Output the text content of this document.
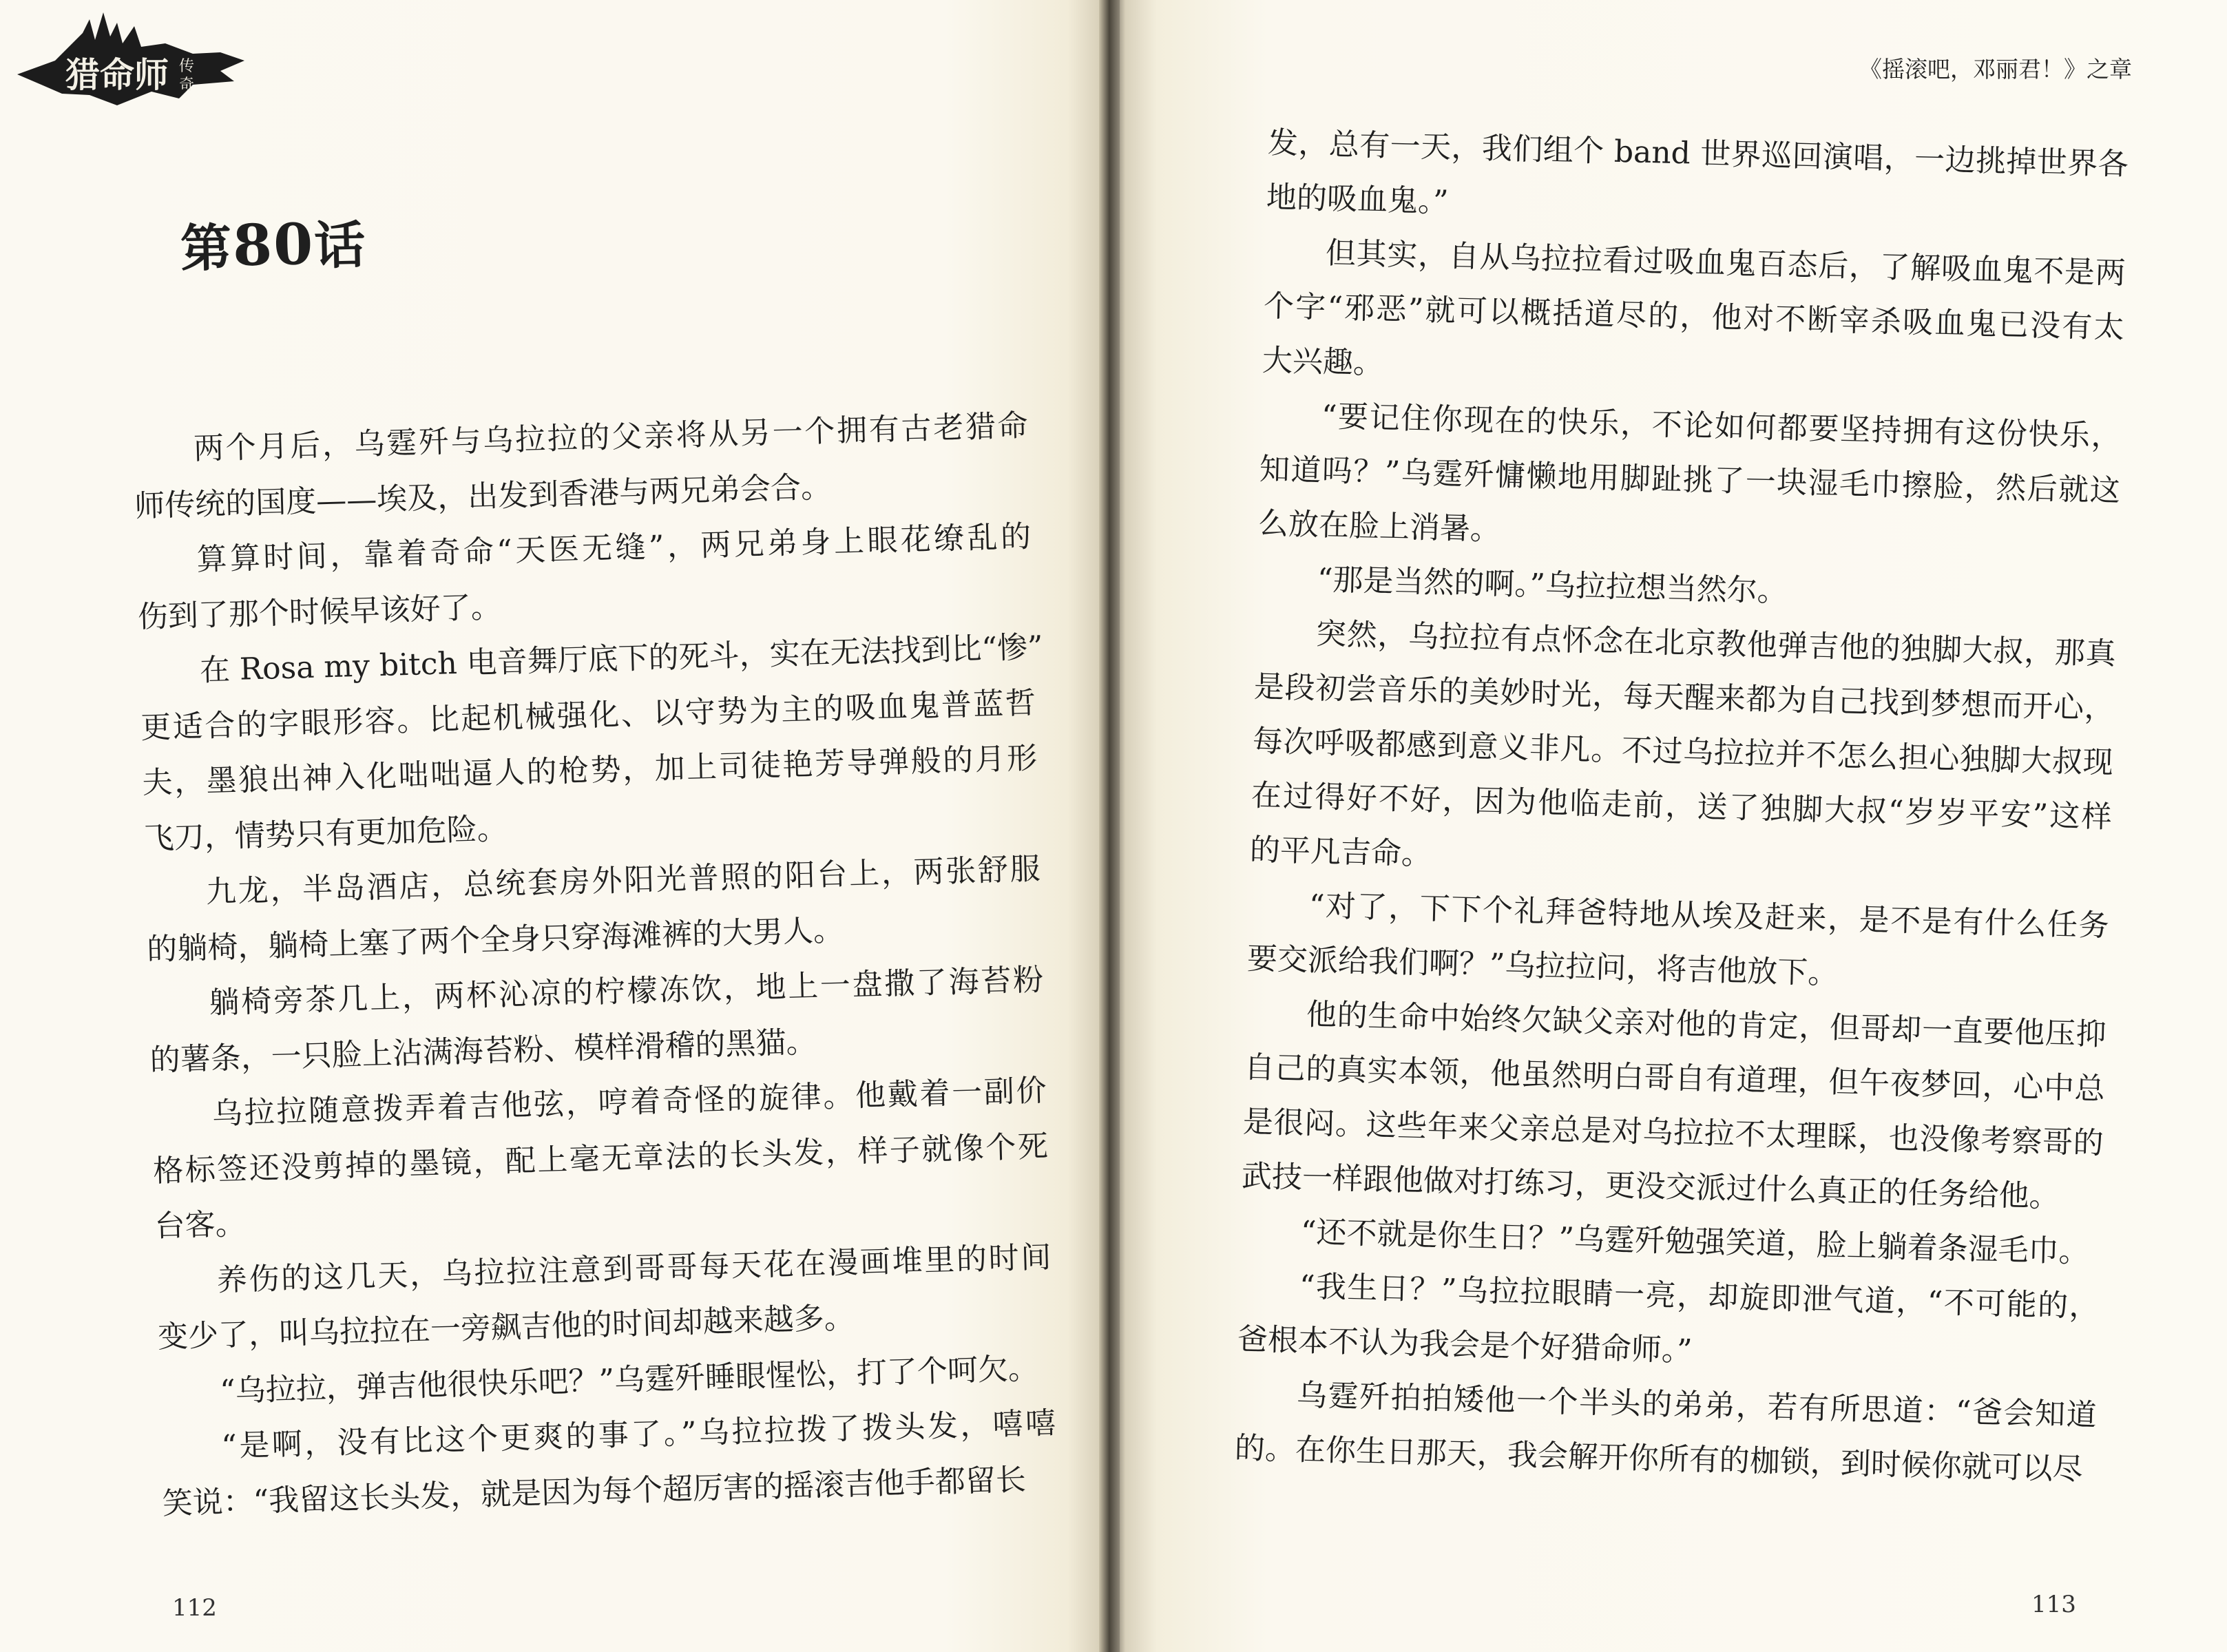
猎命师 传
奇
第80话
两个月后，乌霆歼与乌拉拉的父亲将从另一个拥有古老猎命
师传统的国度——埃及，出发到香港与两兄弟会合。
算算时间，靠着奇命“天医无缝”，两兄弟身上眼花缭乱的
伤到了那个时候早该好了。
在 Rosa my bitch 电音舞厅底下的死斗，实在无法找到比“惨”
更适合的字眼形容。比起机械强化、以守势为主的吸血鬼普蓝哲
夫，墨狼出神入化咄咄逼人的枪势，加上司徒艳芳导弹般的月形
飞刀，情势只有更加危险。
九龙，半岛酒店，总统套房外阳光普照的阳台上，两张舒服
的躺椅，躺椅上塞了两个全身只穿海滩裤的大男人。
躺椅旁茶几上，两杯沁凉的柠檬冻饮，地上一盘撒了海苔粉
的薯条，一只脸上沾满海苔粉、模样滑稽的黑猫。
乌拉拉随意拨弄着吉他弦，哼着奇怪的旋律。他戴着一副价
格标签还没剪掉的墨镜，配上毫无章法的长头发，样子就像个死
台客。
养伤的这几天，乌拉拉注意到哥哥每天花在漫画堆里的时间
变少了，叫乌拉拉在一旁飙吉他的时间却越来越多。
“乌拉拉，弹吉他很快乐吧？”乌霆歼睡眼惺忪，打了个呵欠。
“是啊，没有比这个更爽的事了。”乌拉拉拨了拨头发，嘻嘻
笑说：“我留这长头发，就是因为每个超厉害的摇滚吉他手都留长
112
《摇滚吧，邓丽君！》之章
113
发，总有一天，我们组个 band 世界巡回演唱，一边挑掉世界各
地的吸血鬼。”
但其实，自从乌拉拉看过吸血鬼百态后，了解吸血鬼不是两
个字“邪恶”就可以概括道尽的，他对不断宰杀吸血鬼已没有太
大兴趣。
“要记住你现在的快乐，不论如何都要坚持拥有这份快乐，
知道吗？”乌霆歼慵懒地用脚趾挑了一块湿毛巾擦脸，然后就这
么放在脸上消暑。
“那是当然的啊。”乌拉拉想当然尔。
突然，乌拉拉有点怀念在北京教他弹吉他的独脚大叔，那真
是段初尝音乐的美妙时光，每天醒来都为自己找到梦想而开心，
每次呼吸都感到意义非凡。不过乌拉拉并不怎么担心独脚大叔现
在过得好不好，因为他临走前，送了独脚大叔“岁岁平安”这样
的平凡吉命。
“对了，下下个礼拜爸特地从埃及赶来，是不是有什么任务
要交派给我们啊？”乌拉拉问，将吉他放下。
他的生命中始终欠缺父亲对他的肯定，但哥却一直要他压抑
自己的真实本领，他虽然明白哥自有道理，但午夜梦回，心中总
是很闷。这些年来父亲总是对乌拉拉不太理睬，也没像考察哥的
武技一样跟他做对打练习，更没交派过什么真正的任务给他。
“还不就是你生日？”乌霆歼勉强笑道，脸上躺着条湿毛巾。
“我生日？”乌拉拉眼睛一亮，却旋即泄气道，“不可能的，
爸根本不认为我会是个好猎命师。”
乌霆歼拍拍矮他一个半头的弟弟，若有所思道：“爸会知道
的。在你生日那天，我会解开你所有的枷锁，到时候你就可以尽
